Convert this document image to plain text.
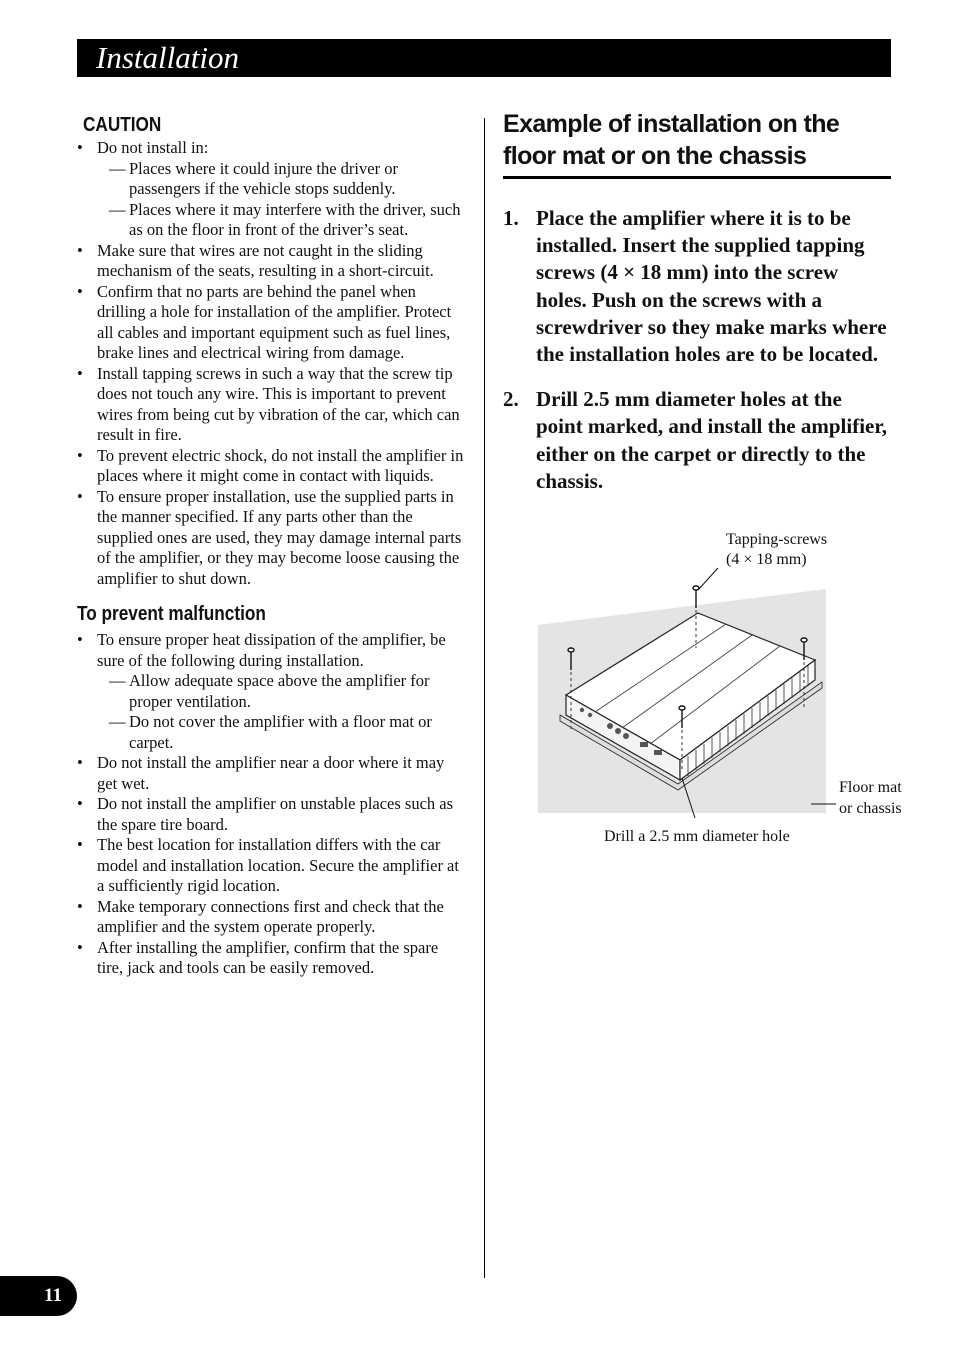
Installation
CAUTION
• Do not install in:
— Places where it could injure the driver or passengers if the vehicle stops suddenly.
— Places where it may interfere with the driver, such as on the floor in front of the driver’s seat.
• Make sure that wires are not caught in the sliding mechanism of the seats, resulting in a short-circuit.
• Confirm that no parts are behind the panel when drilling a hole for installation of the amplifier. Protect all cables and important equipment such as fuel lines, brake lines and electrical wiring from damage.
• Install tapping screws in such a way that the screw tip does not touch any wire. This is important to prevent wires from being cut by vibration of the car, which can result in fire.
• To prevent electric shock, do not install the amplifier in places where it might come in contact with liquids.
• To ensure proper installation, use the supplied parts in the manner specified. If any parts other than the supplied ones are used, they may damage internal parts of the amplifier, or they may become loose causing the amplifier to shut down.
To prevent malfunction
• To ensure proper heat dissipation of the amplifier, be sure of the following during installation.
— Allow adequate space above the amplifier for proper ventilation.
— Do not cover the amplifier with a floor mat or carpet.
• Do not install the amplifier near a door where it may get wet.
• Do not install the amplifier on unstable places such as the spare tire board.
• The best location for installation differs with the car model and installation location. Secure the amplifier at a sufficiently rigid location.
• Make temporary connections first and check that the amplifier and the system operate properly.
• After installing the amplifier, confirm that the spare tire, jack and tools can be easily removed.
Example of installation on the floor mat or on the chassis
1. Place the amplifier where it is to be installed. Insert the supplied tapping screws (4 × 18 mm) into the screw holes. Push on the screws with a screwdriver so they make marks where the installation holes are to be located.
2. Drill 2.5 mm diameter holes at the point marked, and install the amplifier, either on the carpet or directly to the chassis.
Tapping-screws
(4 × 18 mm)
Floor mat
or chassis
Drill a 2.5 mm diameter hole
11
